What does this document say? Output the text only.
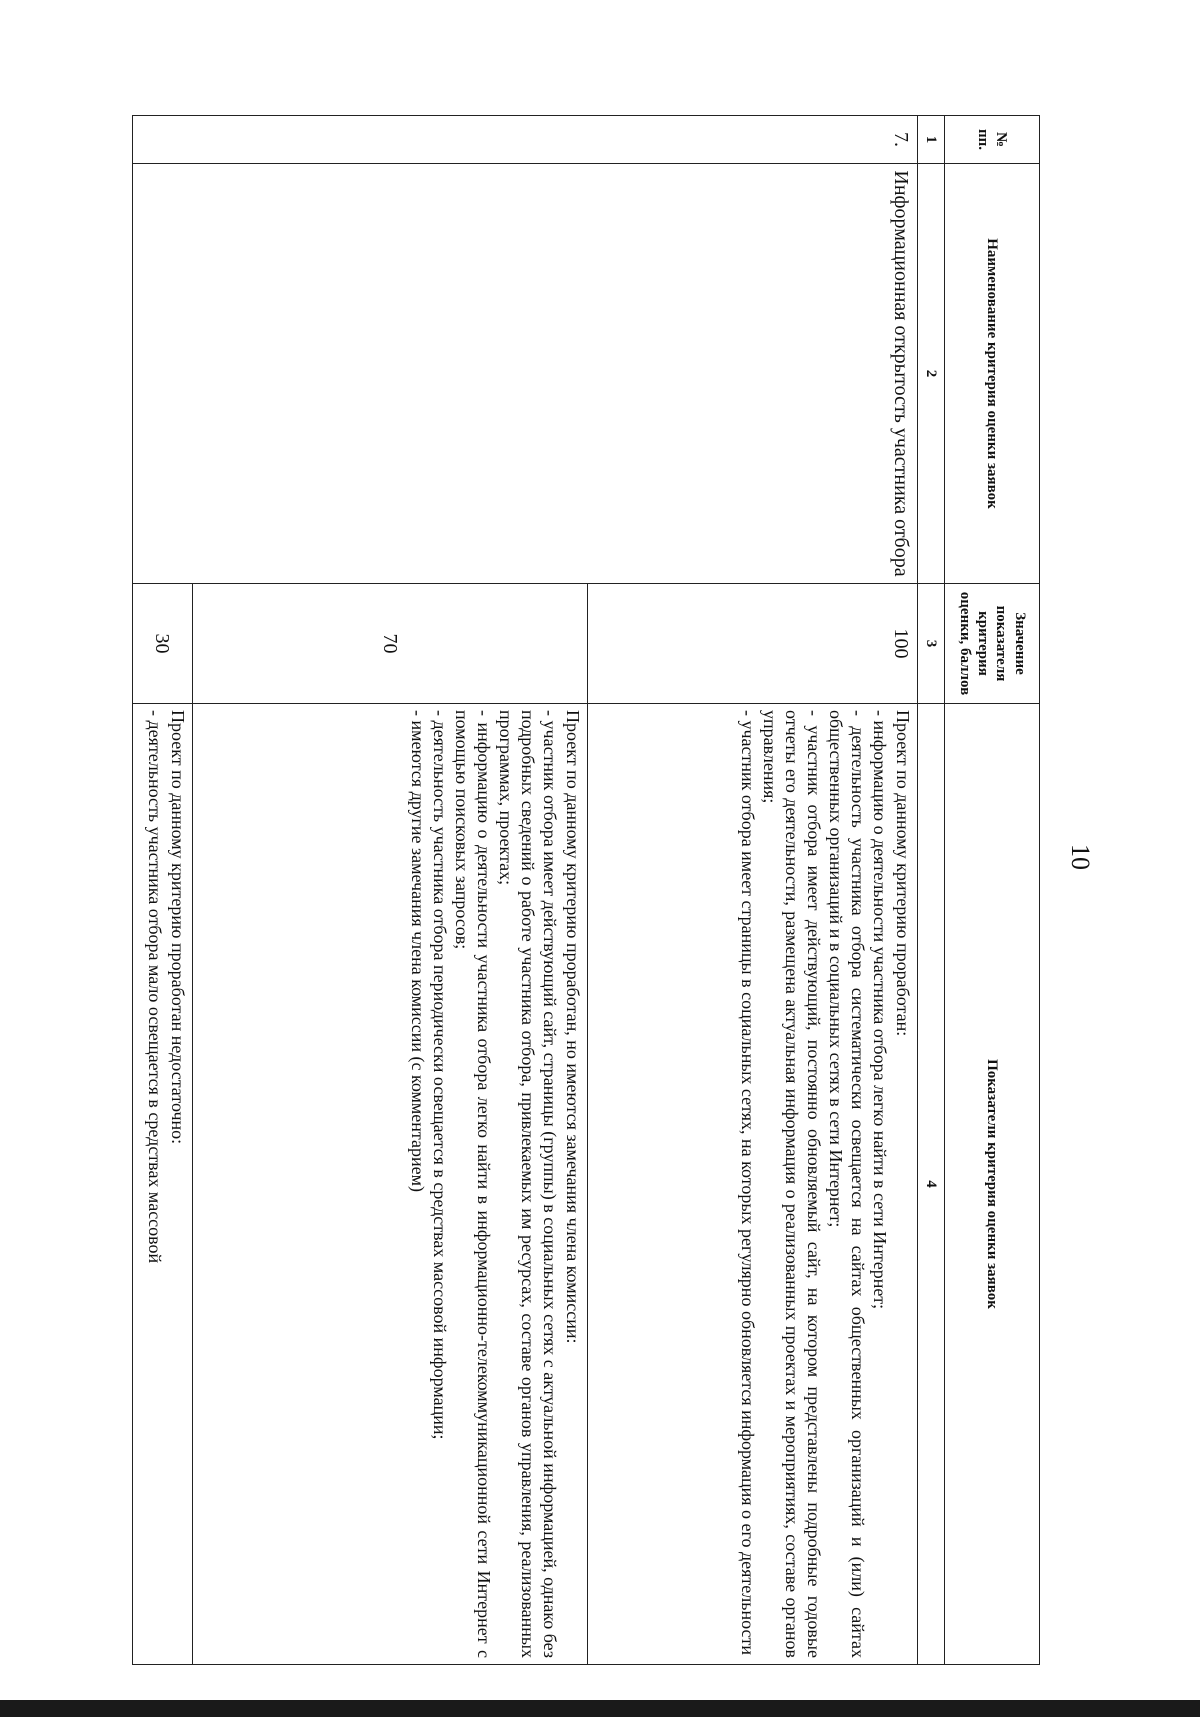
10
№ пп.	Наименование критерия оценки заявок	Значение показателя критерия оценки, баллов	Показатели критерия оценки заявок
1	2	3	4
7.	Информационная открытость участника отбора	100	Проект по данному критерию проработан:

- информацию о деятельности участника отбора легко найти в сети Интернет;

- деятельность участника отбора систематически освещается на сайтах общественных организаций и (или) сайтах общественных организаций и в социальных сетях в сети Интернет;

- участник отбора имеет действующий, постоянно обновляемый сайт, на котором представлены подробные годовые отчеты его деятельности, размещена актуальная информация о реализованных проектах и мероприятиях, составе органов управления;

- участник отбора имеет страницы в социальных сетях, на которых регулярно обновляется информация о его деятельности

		70	Проект по данному критерию проработан, но имеются замечания члена комиссии:

- участник отбора имеет действующий сайт, страницы (группы) в социальных сетях с актуальной информацией, однако без подробных сведений о работе участника отбора, привлекаемых им ресурсах, составе органов управления, реализованных программах, проектах;

- информацию о деятельности участника отбора легко найти в информационно-телекоммуникационной сети Интернет с помощью поисковых запросов;

- деятельность участника отбора периодически освещается в средствах массовой информации;

- имеются другие замечания члена комиссии (с комментарием)

		30	Проект по данному критерию проработан недостаточно:

- деятельность участника отбора мало освещается в средствах массовой
